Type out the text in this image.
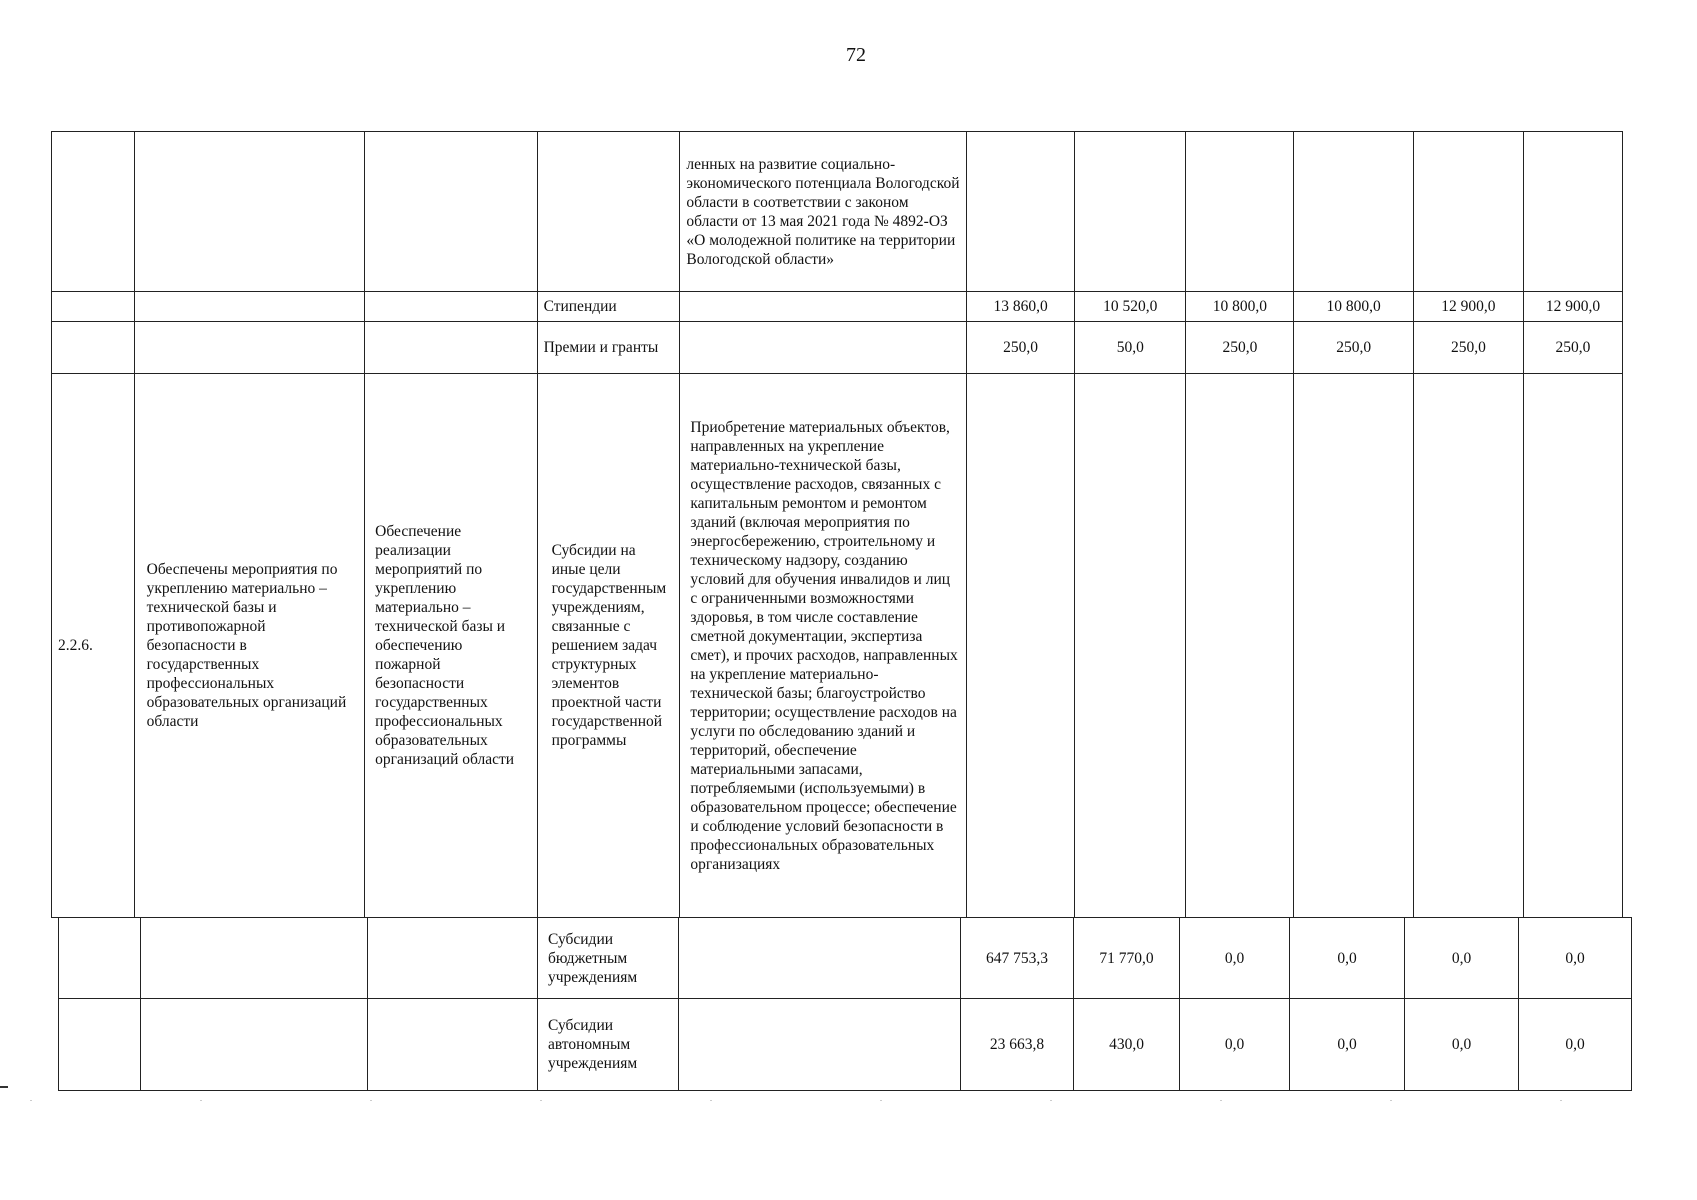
72
				ленных на развитие социально-экономического потенциала Вологодской области в соответствии с законом области от 13 мая 2021 года № 4892-ОЗ «О молодежной политике на территории Вологодской области»						
			Стипендии		13 860,0	10 520,0	10 800,0	10 800,0	12 900,0	12 900,0
			Премии и гранты		250,0	50,0	250,0	250,0	250,0	250,0
2.2.6.	Обеспечены мероприятия по укреплению материально – технической базы и противопожарной безопасности в государственных профессиональных образовательных организаций области	Обеспечение реализации мероприятий по укреплению материально – технической базы и обеспечению пожарной безопасности государственных профессиональных образовательных организаций области	Субсидии на иные цели государственным учреждениям, связанные с решением задач структурных элементов проектной части государственной программы	Приобретение материальных объектов, направленных на укрепление материально-технической базы, осуществление расходов, связанных с капитальным ремонтом и ремонтом зданий (включая мероприятия по энергосбережению, строительному и техническому надзору, созданию условий для обучения инвалидов и лиц с ограниченными возможностями здоровья, в том числе составление сметной документации, экспертиза смет), и прочих расходов, направленных на укрепление материально-технической базы; благоустройство территории; осуществление расходов на услуги по обследованию зданий и территорий, обеспечение материальными запасами, потребляемыми (используемыми) в образовательном процессе; обеспечение и соблюдение условий безопасности в профессиональных образовательных организациях						
			Субсидии бюджетным учреждениям		647 753,3	71 770,0	0,0	0,0	0,0	0,0
			Субсидии автономным учреждениям		23 663,8	430,0	0,0	0,0	0,0	0,0
